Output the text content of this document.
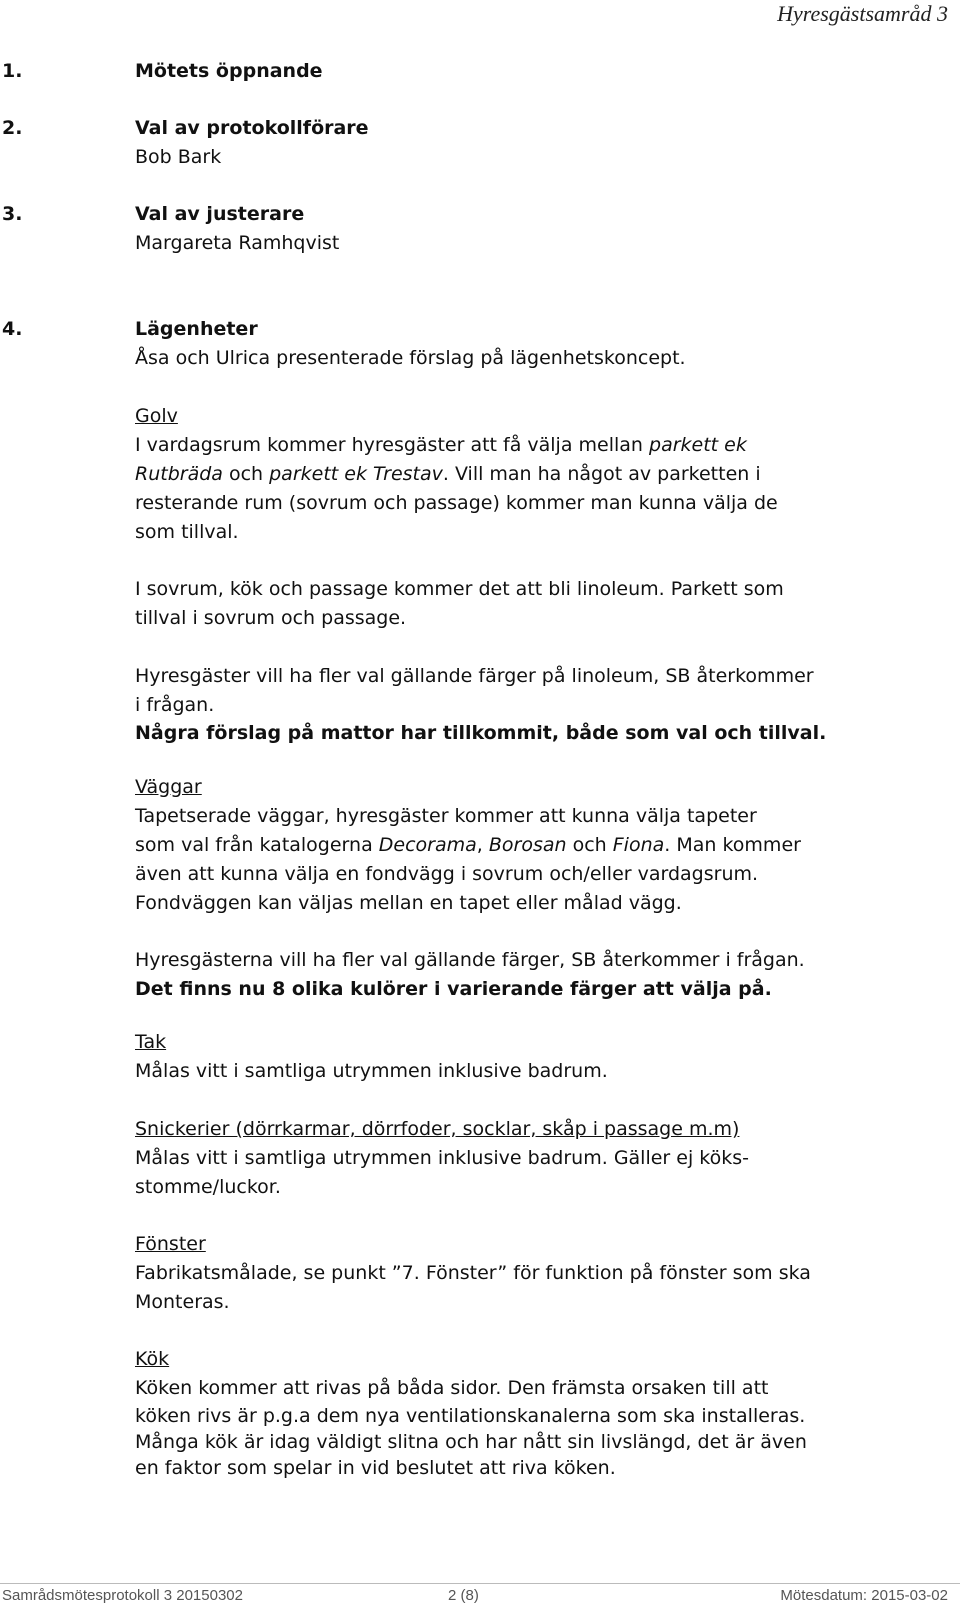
Hyresgästsamråd 3
1.	Mötets öppnande
2.	Val av protokollförare
Bob Bark
3.	Val av justerare
Margareta Ramhqvist
4.	Lägenheter
Åsa och Ulrica presenterade förslag på lägenhetskoncept.
Golv
I vardagsrum kommer hyresgäster att få välja mellan parkett ek
Rutbräda och parkett ek Trestav. Vill man ha något av parketten i
resterande rum (sovrum och passage) kommer man kunna välja de
som tillval.
I sovrum, kök och passage kommer det att bli linoleum. Parkett som
tillval i sovrum och passage.
Hyresgäster vill ha fler val gällande färger på linoleum, SB återkommer
i frågan.
Några förslag på mattor har tillkommit, både som val och tillval.
Väggar
Tapetserade väggar, hyresgäster kommer att kunna välja tapeter
som val från katalogerna Decorama, Borosan och Fiona. Man kommer
även att kunna välja en fondvägg i sovrum och/eller vardagsrum.
Fondväggen kan väljas mellan en tapet eller målad vägg.
Hyresgästerna vill ha fler val gällande färger, SB återkommer i frågan.
Det finns nu 8 olika kulörer i varierande färger att välja på.
Tak
Målas vitt i samtliga utrymmen inklusive badrum.
Snickerier (dörrkarmar, dörrfoder, socklar, skåp i passage m.m)
Målas vitt i samtliga utrymmen inklusive badrum. Gäller ej köks-
stomme/luckor.
Fönster
Fabrikatsmålade, se punkt ”7. Fönster” för funktion på fönster som ska
Monteras.
Kök
Köken kommer att rivas på båda sidor. Den främsta orsaken till att
köken rivs är p.g.a dem nya ventilationskanalerna som ska installeras.
Många kök är idag väldigt slitna och har nått sin livslängd, det är även
en faktor som spelar in vid beslutet att riva köken.
Samrådsmötesprotokoll 3 20150302	2 (8)	Mötesdatum: 2015-03-02
